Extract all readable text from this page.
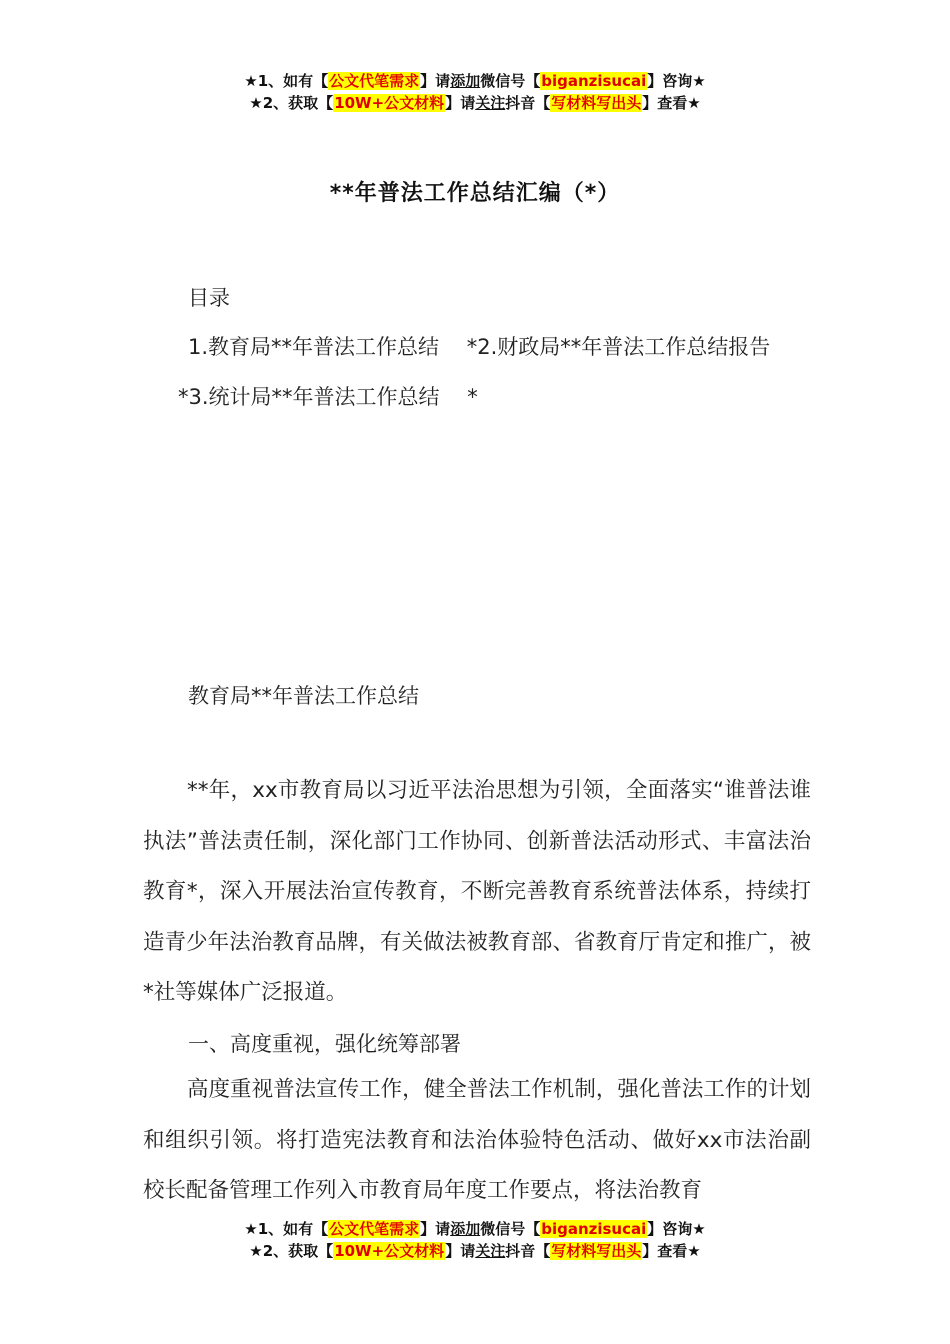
★1、如有【公文代笔需求】请添加微信号【biganzisucai】咨询★
★2、获取【10W+公文材料】请关注抖音【写材料写出头】查看★
**年普法工作总结汇编（*）
目录
1.教育局**年普法工作总结　 *2.财政局**年普法工作总结报告
*3.统计局**年普法工作总结　 *
教育局**年普法工作总结
**年，xx市教育局以习近平法治思想为引领，全面落实“谁普法谁执法”普法责任制，深化部门工作协同、创新普法活动形式、丰富法治教育*，深入开展法治宣传教育，不断完善教育系统普法体系，持续打造青少年法治教育品牌，有关做法被教育部、省教育厅肯定和推广，被*社等媒体广泛报道。
一、高度重视，强化统筹部署
高度重视普法宣传工作，健全普法工作机制，强化普法工作的计划和组织引领。将打造宪法教育和法治体验特色活动、做好xx市法治副校长配备管理工作列入市教育局年度工作要点，将法治教育
★1、如有【公文代笔需求】请添加微信号【biganzisucai】咨询★
★2、获取【10W+公文材料】请关注抖音【写材料写出头】查看★
